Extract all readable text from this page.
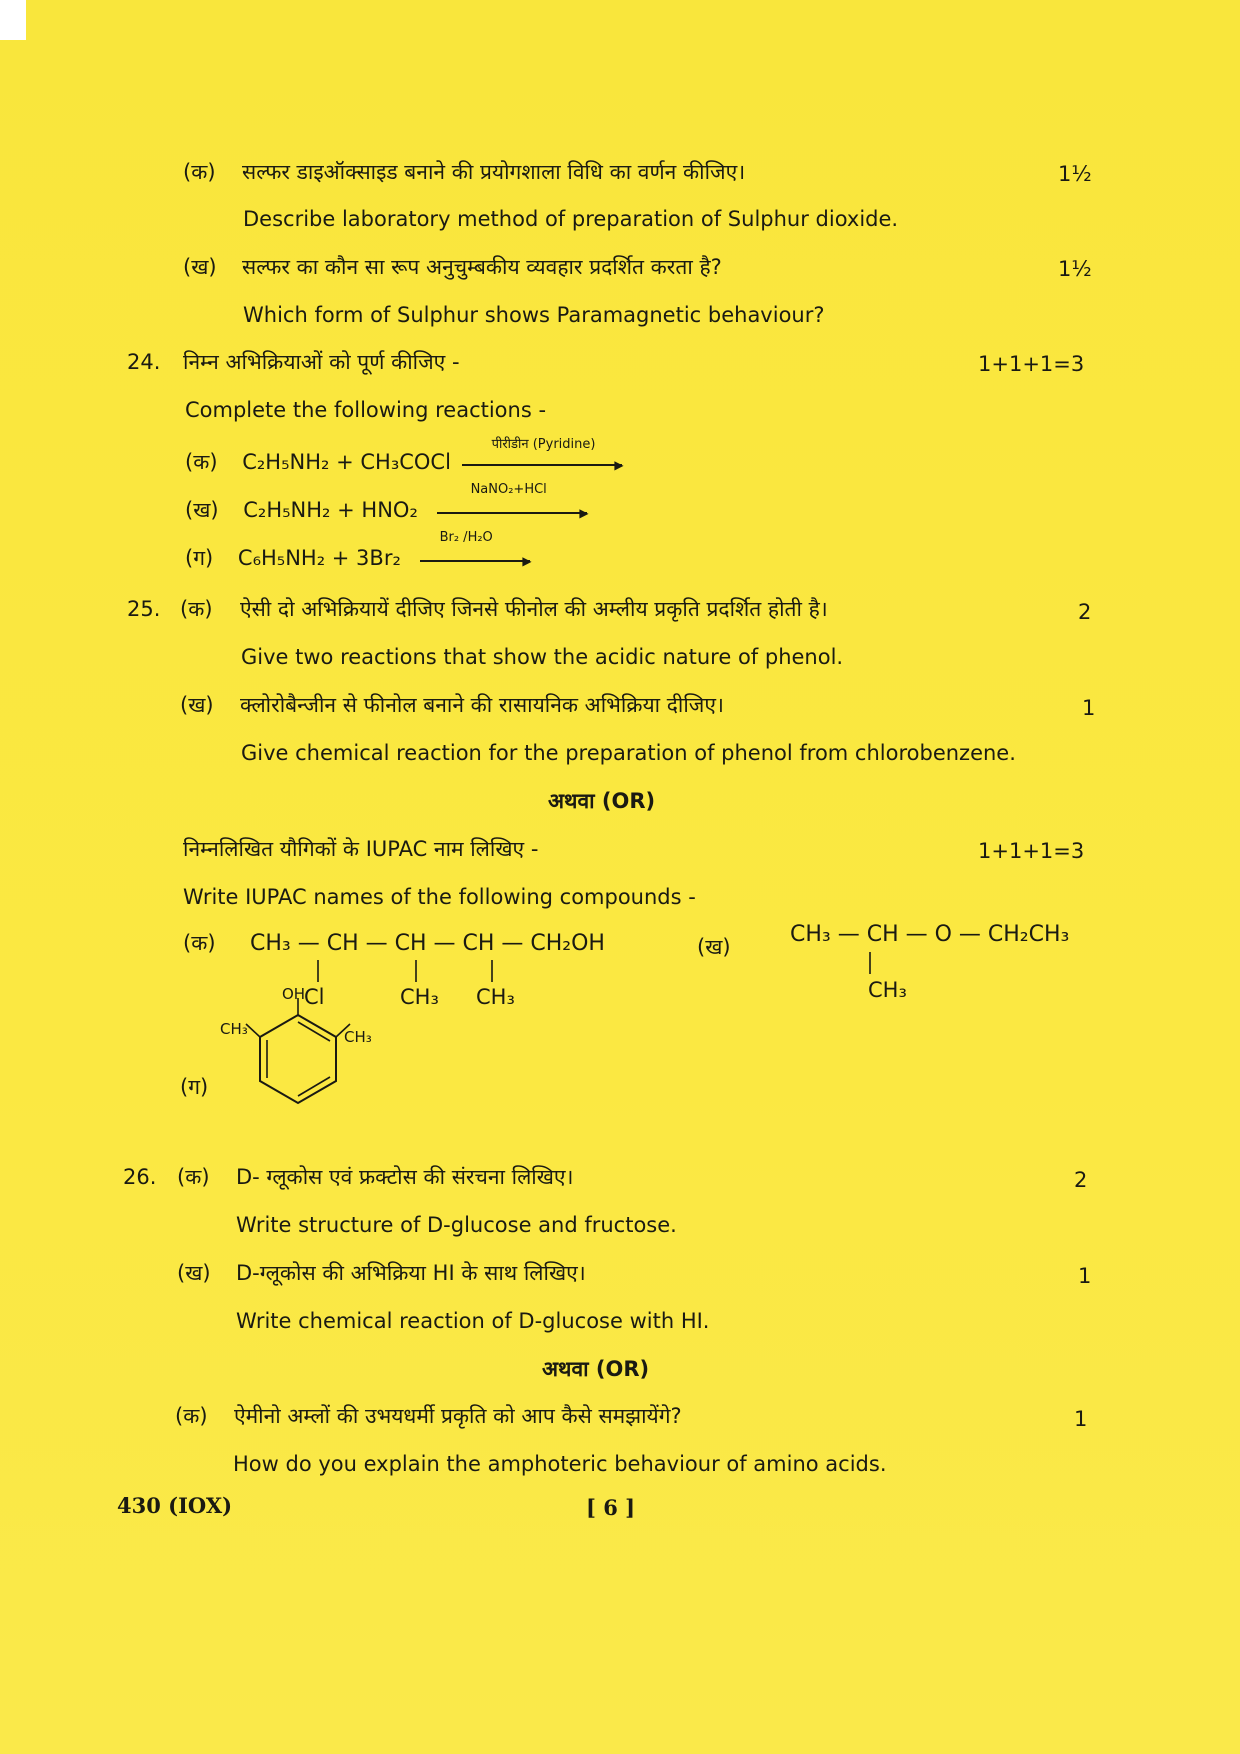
(क) सल्फर डाइऑक्साइड बनाने की प्रयोगशाला विधि का वर्णन कीजिए।	1½
Describe laboratory method of preparation of Sulphur dioxide.
(ख) सल्फर का कौन सा रूप अनुचुम्बकीय व्यवहार प्रदर्शित करता है?	1½
Which form of Sulphur shows Paramagnetic behaviour?
24. निम्न अभिक्रियाओं को पूर्ण कीजिए -	1+1+1=3
Complete the following reactions -
(क) C₂H₅NH₂ + CH₃COCl
पीरीडीन (Pyridine)
▶
(ख) C₂H₅NH₂ + HNO₂
NaNO₂+HCl
▶
(ग) C₆H₅NH₂ + 3Br₂
Br₂ /H₂O
▶
25. (क) ऐसी दो अभिक्रियायें दीजिए जिनसे फीनोल की अम्लीय प्रकृति प्रदर्शित होती है।	2
Give two reactions that show the acidic nature of phenol.
(ख) क्लोरोबैन्जीन से फीनोल बनाने की रासायनिक अभिक्रिया दीजिए।	1
Give chemical reaction for the preparation of phenol from chlorobenzene.
अथवा (OR)
निम्नलिखित यौगिकों के IUPAC नाम लिखिए -	1+1+1=3
Write IUPAC names of the following compounds -
(क) CH₃ — CH — CH — CH — CH₂OH
Cl	CH₃ CH₃
(ख)	CH₃ — CH — O — CH₂CH₃
CH₃
(ग)
OH
CH₃	CH₃
26. (क) D- ग्लूकोस एवं फ्रक्टोस की संरचना लिखिए।	2
Write structure of D-glucose and fructose.
(ख) D-ग्लूकोस की अभिक्रिया HI के साथ लिखिए।	1
Write chemical reaction of D-glucose with HI.
अथवा (OR)
(क) ऐमीनो अम्लों की उभयधर्मी प्रकृति को आप कैसे समझायेंगे?	1
How do you explain the amphoteric behaviour of amino acids.
430 (IOX)	[ 6 ]
